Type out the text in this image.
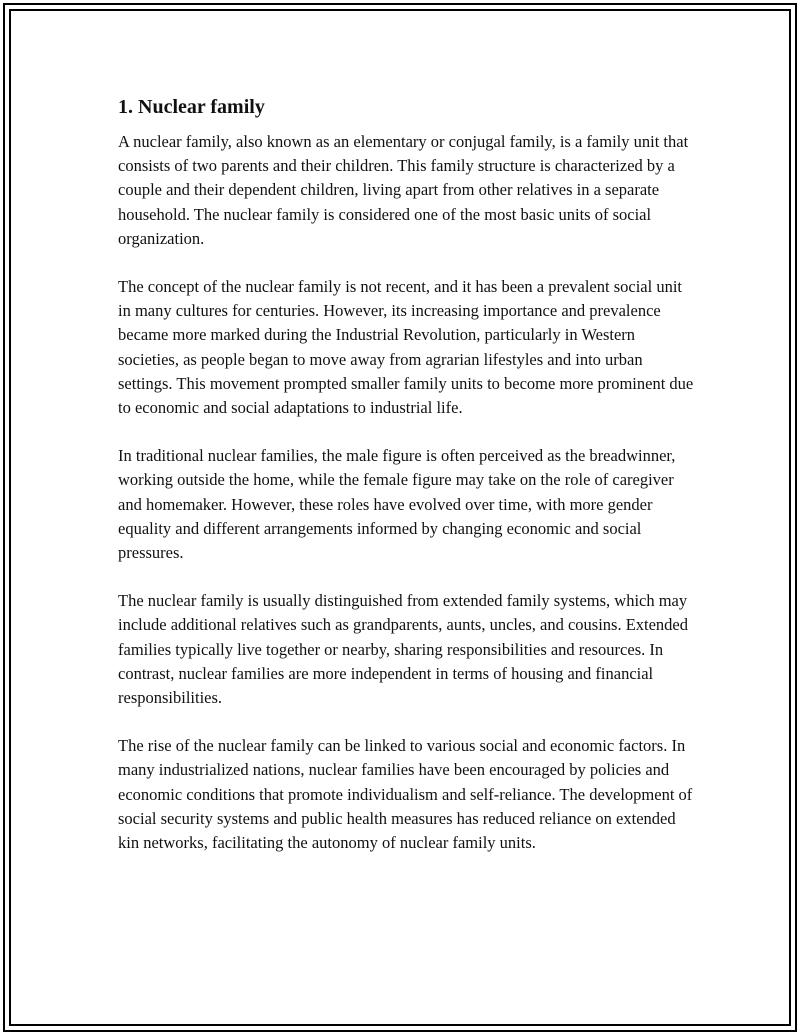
1. Nuclear family

A nuclear family, also known as an elementary or conjugal family, is a family unit that consists of two parents and their children. This family structure is characterized by a couple and their dependent children, living apart from other relatives in a separate household. The nuclear family is considered one of the most basic units of social organization.

The concept of the nuclear family is not recent, and it has been a prevalent social unit in many cultures for centuries. However, its increasing importance and prevalence became more marked during the Industrial Revolution, particularly in Western societies, as people began to move away from agrarian lifestyles and into urban settings. This movement prompted smaller family units to become more prominent due to economic and social adaptations to industrial life.

In traditional nuclear families, the male figure is often perceived as the breadwinner, working outside the home, while the female figure may take on the role of caregiver and homemaker. However, these roles have evolved over time, with more gender equality and different arrangements informed by changing economic and social pressures.

The nuclear family is usually distinguished from extended family systems, which may include additional relatives such as grandparents, aunts, uncles, and cousins. Extended families typically live together or nearby, sharing responsibilities and resources. In contrast, nuclear families are more independent in terms of housing and financial responsibilities.

The rise of the nuclear family can be linked to various social and economic factors. In many industrialized nations, nuclear families have been encouraged by policies and economic conditions that promote individualism and self-reliance. The development of social security systems and public health measures has reduced reliance on extended kin networks, facilitating the autonomy of nuclear family units.
